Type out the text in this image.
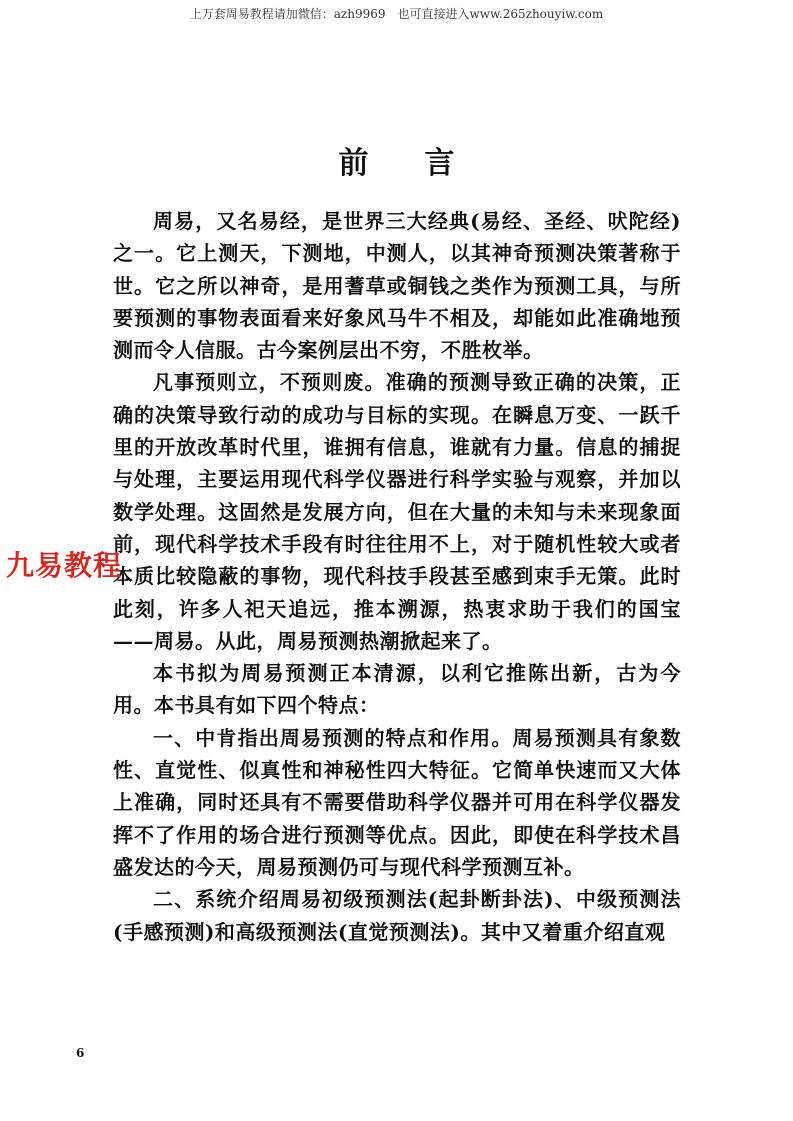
上万套周易教程请加微信：azh9969　也可直接进入www.265zhouyiw.com
前言

周易，又名易经，是世界三大经典(易经、圣经、吠陀经)之一。它上测天，下测地，中测人，以其神奇预测决策著称于世。它之所以神奇，是用蓍草或铜钱之类作为预测工具，与所要预测的事物表面看来好象风马牛不相及，却能如此准确地预测而令人信服。古今案例层出不穷，不胜枚举。

凡事预则立，不预则废。准确的预测导致正确的决策，正确的决策导致行动的成功与目标的实现。在瞬息万变、一跃千里的开放改革时代里，谁拥有信息，谁就有力量。信息的捕捉与处理，主要运用现代科学仪器进行科学实验与观察，并加以数学处理。这固然是发展方向，但在大量的未知与未来现象面前，现代科学技术手段有时往往用不上，对于随机性较大或者本质比较隐蔽的事物，现代科技手段甚至感到束手无策。此时此刻，许多人祀天追远，推本溯源，热衷求助于我们的国宝——周易。从此，周易预测热潮掀起来了。

本书拟为周易预测正本清源，以利它推陈出新，古为今用。本书具有如下四个特点：

一、中肯指出周易预测的特点和作用。周易预测具有象数性、直觉性、似真性和神秘性四大特征。它简单快速而又大体上准确，同时还具有不需要借助科学仪器并可用在科学仪器发挥不了作用的场合进行预测等优点。因此，即使在科学技术昌盛发达的今天，周易预测仍可与现代科学预测互补。

二、系统介绍周易初级预测法(起卦断卦法)、中级预测法(手感预测)和高级预测法(直觉预测法)。其中又着重介绍直观

九易教程
6
